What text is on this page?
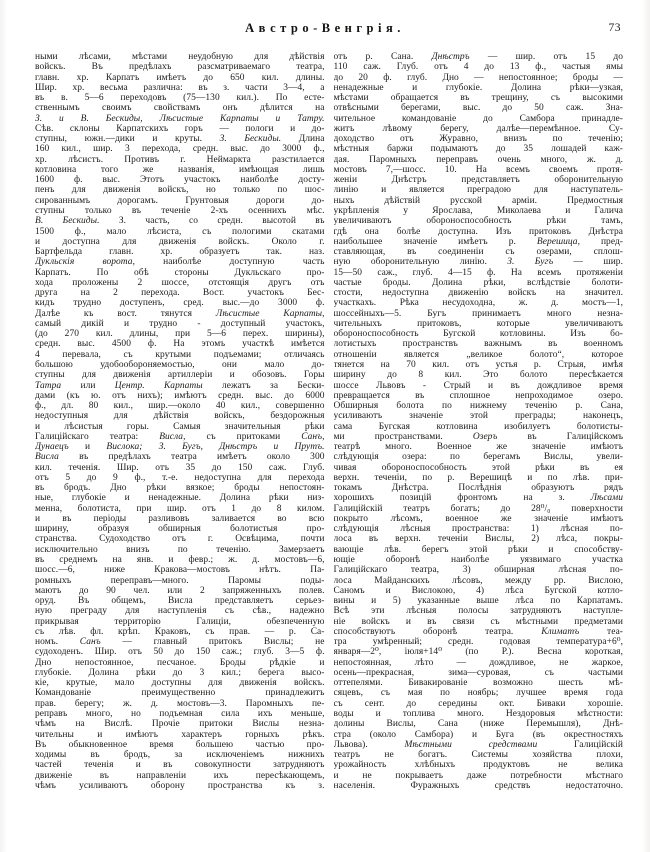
Австро-Венгрія.	73
ными лѣсами, мѣстами неудобную для дѣйствія
войскъ. Въ предѣлахъ разсматриваемаго театра,
главн. хр. Карпатъ имѣетъ до 650 кил. длины.
Шир. хр. весьма различна: въ з. части 3—4, а
въ в. 5—6 переходовъ (75—130 кил.). По есте-
ственнымъ своимъ свойствамъ онъ дѣлится на
З. и В. Бескиды, Лѣсистые Карпаты и Татру.
Сѣв. склоны Карпатскихъ горъ — пологи и до-
ступны, южн.—дики и круты. З. Бескиды. Длина
160 кил., шир. 3 перехода, средн. выс. до 3000 ф.,
хр. лѣсистъ. Противъ г. Неймаркта разстилается
котловина того же названія, имѣющая лишь
1600 ф. выс. Этотъ участокъ наиболѣе досту-
пенъ для движенія войскъ, но только по шос-
сированнымъ дорогамъ. Грунтовыя дороги до-
ступны только въ теченіе 2-хъ осеннихъ мѣс.
В. Бескиды. З. часть, со средн. высотой въ
1500 ф., мало лѣсиста, съ пологими скатами
и доступна для движенія войскъ. Около г.
Бартфельда главн. хр. образуетъ так. наз.
Дукльскія ворота, наиболѣе доступную часть
Карпатъ. По обѣ стороны Дукльскаго про-
хода проложены 2 шоссе, отстоящія другъ отъ
друга на 2 перехода. Вост. участокъ Бес-
кидъ трудно доступенъ, сред. выс.—до 3000 ф.
Далѣе къ вост. тянутся Лѣсистые Карпаты,
самый дикій и трудно - доступный участокъ,
(до 270 кил. длины, при 5—6 перех. ширины),
средн. выс. 4500 ф. На этомъ участкѣ имѣется
4 перевала, съ крутыми подъемами; отличаясь
большою удобообороняемостью, они мало до-
ступны для движенія артиллеріи и обозовъ. Горы
Татра или Центр. Карпаты лежатъ за Бески-
дами (къ ю. отъ нихъ); имѣютъ средн. выс. до 6000
ф., дл. 80 кил., шир.—около 40 кил., совершенно
недоступныя для дѣйствія войскъ, бездорожныя
и лѣсистыя горы. Самыя значительныя рѣки
Галиційскаго театра: Висла, съ притоками Санъ,
Дунаецъ и Вислока; З. Бугъ, Днѣстръ и Прутъ.
Висла въ предѣлахъ театра имѣетъ около 300
кил. теченія. Шир. отъ 35 до 150 саж. Глуб.
отъ 5 до 9 ф., т.-е. недоступна для перехода
въ бродъ. Дно рѣки вязкое; броды непостоян-
ные, глубокіе и ненадежные. Долина рѣки низ-
менна, болотиста, при шир. отъ 1 до 8 килом.
и въ періоды разливовъ заливается во всю
ширину, образуя обширныя болотистыя про-
странства. Судоходство отъ г. Освѣцима, почти
исключительно внизъ по теченію. Замерзаетъ
въ среднемъ на янв. и февр.; ж. д. мостовъ—6,
шосс.—6, ниже Кракова—мостовъ нѣтъ. Па-
ромныхъ переправъ—много. Паромы поды-
маютъ до 90 чел. или 2 запряженныхъ полев.
оруд. Въ общемъ, Висла представляетъ серьез-
ную преграду для наступленія съ сѣв., надежно
прикрывая территорію Галиціи, обезпеченную
съ лѣв. фл. крѣп. Краковъ, съ прав. — р. Са-
номъ. Санъ — главный притокъ Вислы; не
судоходенъ. Шир. отъ 50 до 150 саж.; глуб. 3—5 ф.
Дно непостоянное, песчаное. Броды рѣдкіе и
глубокіе. Долина рѣки до 3 кил.; берега высо-
кіе, крутые, мало доступны для движенія войскъ.
Командованіе преимущественно принадлежитъ
прав. берегу; ж. д. мостовъ—3. Паромныхъ пе-
реправъ много, но подъемная сила ихъ меньше,
чѣмъ на Вислѣ. Прочіе притоки Вислы незна-
чительны и имѣютъ характеръ горныхъ рѣкъ.
Въ обыкновенное время большею частью про-
ходимы въ бродъ, за исключеніемъ нижнихъ
частей теченія и въ совокупности затрудняютъ
движеніе въ направленіи ихъ пересѣкающемъ,
чѣмъ усиливаютъ оборону пространства къ з.
отъ р. Сана. Днѣстръ — шир. отъ 15 до
110 саж. Глуб. отъ 4 до 13 ф., частыя ямы
до 20 ф. глуб. Дно — непостоянное; броды —
ненадежные и глубокіе. Долина рѣки—узкая,
мѣстами обращается въ трещину, съ высокими
отвѣсными берегами, выс. до 50 саж. Зна-
чительное командованіе до Самбора принадле-
житъ лѣвому берегу, далѣе—перемѣнное. Су-
доходство отъ Журавно, внизъ по теченію;
мѣстныя баржи подымаютъ до 35 лошадей каж-
дая. Паромныхъ переправъ очень много, ж. д.
мостовъ 7,—шосс. 10. На всемъ своемъ протя-
женіи Днѣстръ представляетъ оборонительную
линію и является преградою для наступатель-
ныхъ дѣйствій русской арміи. Предмостныя
укрѣпленія у Ярослава, Миколаева и Галича
увеличиваютъ обороноспособность рѣки тамъ,
гдѣ она болѣе доступна. Изъ притоковъ Днѣстра
наибольшее значеніе имѣетъ р. Верешица, пред-
ставляющая, въ соединеніи съ озерами, сплош-
ную оборонительную линію. З. Бугъ — шир.
15—50 саж., глуб. 4—15 ф. На всемъ протяженіи
частые броды. Долина рѣки, вслѣдствіе болоти-
стости, недоступна движенію войскъ на значител.
участкахъ. Рѣка несудоходна, ж. д. мостъ—1,
шоссейныхъ—5. Бугъ принимаетъ много незна-
чительныхъ притоковъ, которые увеличиваютъ
обороноспособность Бугской котловины. Изъ бо-
лотистыхъ пространствъ важнымъ въ военномъ
отношеніи является „великое болото“, которое
тянется на 70 кил. отъ устья р. Стрыя, имѣя
ширину до 8 кил. Это болото пересѣкается
шоссе Львовъ - Стрый и въ дождливое время
превращается въ сплошное непроходимое озеро.
Обширныя болота по нижнему теченію р. Сана,
усиливаютъ значеніе этой преграды; наконецъ,
сама Бугская котловина изобилуетъ болотисты-
ми пространствами. Озеръ въ Галиційскомъ
театрѣ много. Военное же значеніе имѣютъ
слѣдующія озера: по берегамъ Вислы, увели-
чивая обороноспособность этой рѣки въ ея
верхн. теченіи, по р. Верешицѣ и по лѣв. при-
токамъ Днѣстра. Послѣднія образуютъ рядъ
хорошихъ позицій фронтомъ на з. Лѣсами
Галиційскій театръ богатъ; до 28⁰/₀ поверхности
покрыто лѣсомъ, военное же значеніе имѣютъ
слѣдующія лѣсныя пространства: 1) лѣсная по-
лоса въ верхн. теченіи Вислы, 2) лѣса, покры-
вающіе лѣв. берегъ этой рѣки и способству-
ющіе оборонѣ наиболѣе уязвимаго участка
Галиційскаго театра, 3) обширная лѣсная по-
лоса Майданскихъ лѣсовъ, между рр. Вислою,
Саномъ и Вислокою, 4) лѣса Бугской котло-
вины и 5) указанные выше лѣса по Карпатамъ.
Всѣ эти лѣсныя полосы затрудняютъ наступле-
ніе войскъ и въ связи съ мѣстными предметами
способствуютъ оборонѣ театра. Климатъ теа-
тра умѣренный; средн. годовая температура+6⁰,
января—2⁰, іюля+14⁰ (по Р.). Весна короткая,
непостоянная, лѣто — дождливое, не жаркое,
осень—прекрасная, зима—суровая, съ частыми
оттепелями. Бивакированіе возможно шесть мѣ-
сяцевъ, съ мая по ноябрь; лучшее время года
съ сент. до середины окт. Биваки хорошіе.
воды и топлива много. Нездоровыя мѣстности:
долины Вислы, Сана (ниже Перемышля), Днѣ-
стра (около Самбора) и Буга (въ окрестностяхъ
Львова). Мѣстными средствами Галиційскій
театръ не богатъ. Системы хозяйства плохи,
урожайность хлѣбныхъ продуктовъ не велика
и не покрываетъ даже потребности мѣстнаго
населенія. Фуражныхъ средствъ недостаточно.
